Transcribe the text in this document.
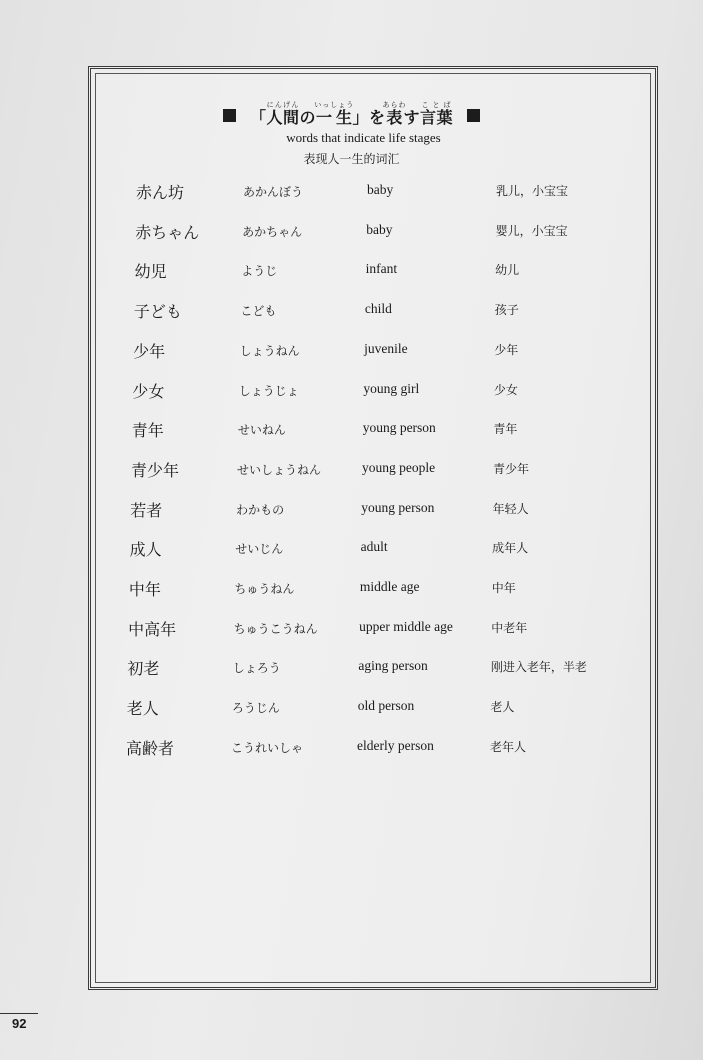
「人間にんげんの一生いっしょう」を表あらわす言葉ことば
words that indicate life stages
表现人一生的词汇
赤ん坊	あかんぼう	baby	乳儿，小宝宝
赤ちゃん	あかちゃん	baby	婴儿，小宝宝
幼児	ようじ	infant	幼儿
子ども	こども	child	孩子
少年	しょうねん	juvenile	少年
少女	しょうじょ	young girl	少女
青年	せいねん	young person	青年
青少年	せいしょうねん	young people	青少年
若者	わかもの	young person	年轻人
成人	せいじん	adult	成年人
中年	ちゅうねん	middle age	中年
中高年	ちゅうこうねん	upper middle age	中老年
初老	しょろう	aging person	刚进入老年，半老
老人	ろうじん	old person	老人
高齢者	こうれいしゃ	elderly person	老年人
92
